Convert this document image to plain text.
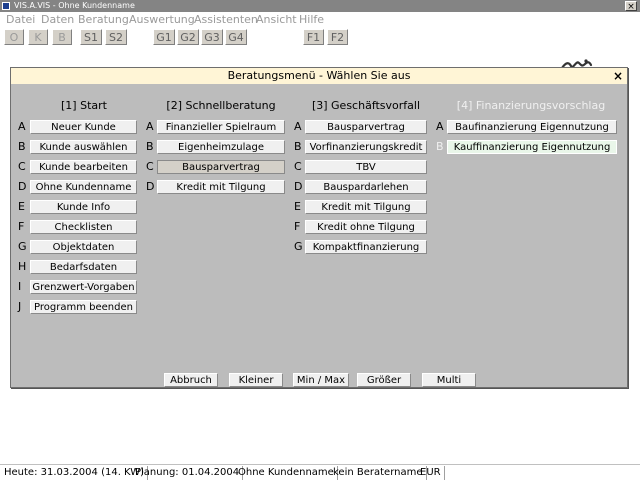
VIS.A.VIS - Ohne Kundenname	×
Datei Daten Beratung Auswertung Assistenten
Ansicht Hilfe
O	K	B	S1	S2	G1 G2 G3 G4	F1 F2
Beratungsmenü - Wählen Sie aus	×
[1] Start	[2] Schnellberatung	[3] Geschäftsvorfall	[4] Finanzierungsvorschlag
A	Neuer Kunde
B	Kunde auswählen
C	Kunde bearbeiten
D Ohne Kundenname
E	Kunde Info
F	Checklisten
G	Objektdaten
H	Bedarfsdaten
I	Grenzwert-Vorgaben
J	Programm beenden
A	Finanzieller Spielraum
B	Eigenheimzulage
C	Bausparvertrag
D	Kredit mit Tilgung
A	Bausparvertrag
B Vorfinanzierungskredit
C	TBV
D	Bauspardarlehen
E	Kredit mit Tilgung
F	Kredit ohne Tilgung
G	Kompaktfinanzierung
A	Baufinanzierung Eigennutzung
B	Kauffinanzierung Eigennutzung
Abbruch	Kleiner	Min / Max	Größer	Multi
Heute: 31.03.2004 (14. KW)
Planung: 01.04.2004
Ohne Kundenname kein Beratername
EUR
